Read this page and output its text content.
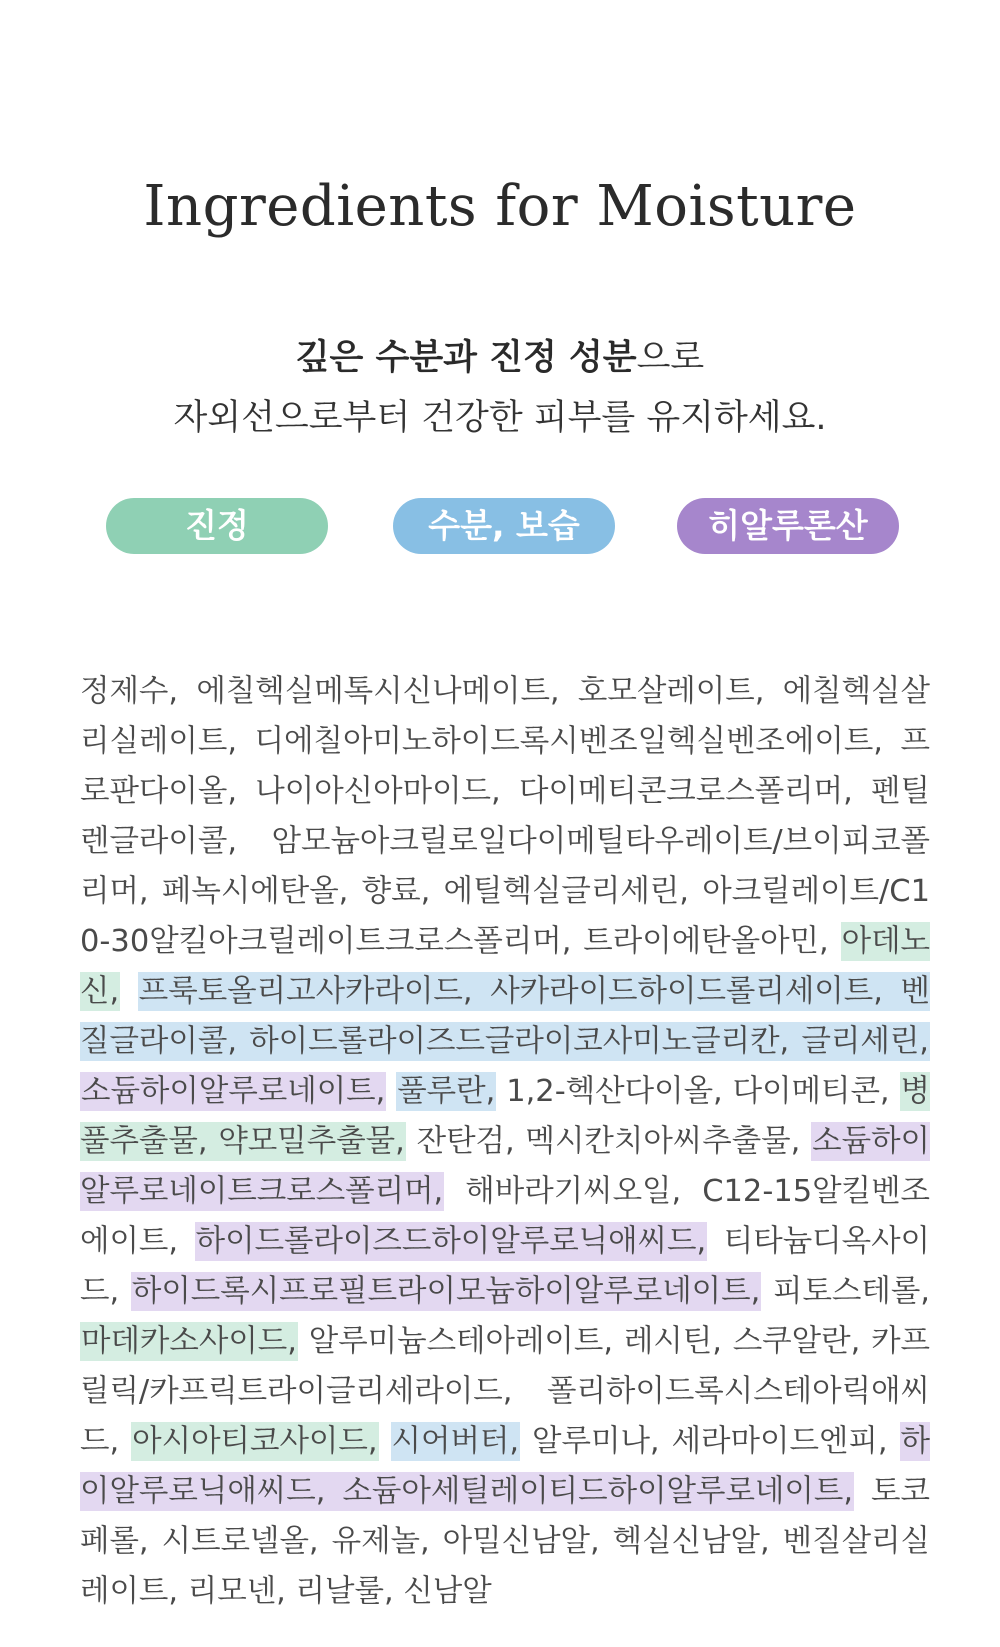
Ingredients for Moisture
깊은 수분과 진정 성분으로
자외선으로부터 건강한 피부를 유지하세요.
진정	수분, 보습	히알루론산

정제수, 에칠헥실메톡시신나메이트, 호모살레이트, 에칠헥실살리실레이트, 디에칠아미노하이드록시벤조일헥실벤조에이트, 프로판다이올, 나이아신아마이드, 다이메티콘크로스폴리머, 펜틸렌글라이콜, 암모늄아크릴로일다이메틸타우레이트/브이피코폴리머, 페녹시에탄올, 향료, 에틸헥실글리세린, 아크릴레이트/C10-30알킬아크릴레이트크로스폴리머, 트라이에탄올아민, 아데노신, 프룩토올리고사카라이드, 사카라이드하이드롤리세이트, 벤질글라이콜, 하이드롤라이즈드글라이코사미노글리칸, 글리세린, 소듐하이알루로네이트, 풀루란, 1,2-헥산다이올, 다이메티콘, 병풀추출물, 약모밀추출물, 잔탄검, 멕시칸치아씨추출물, 소듐하이알루로네이트크로스폴리머, 해바라기씨오일, C12-15알킬벤조에이트, 하이드롤라이즈드하이알루로닉애씨드, 티타늄디옥사이드, 하이드록시프로필트라이모늄하이알루로네이트, 피토스테롤, 마데카소사이드, 알루미늄스테아레이트, 레시틴, 스쿠알란, 카프릴릭/카프릭트라이글리세라이드, 폴리하이드록시스테아릭애씨드, 아시아티코사이드, 시어버터, 알루미나, 세라마이드엔피, 하이알루로닉애씨드, 소듐아세틸레이티드하이알루로네이트, 토코페롤, 시트로넬올, 유제놀, 아밀신남알, 헥실신남알, 벤질살리실레이트, 리모넨, 리날룰, 신남알
